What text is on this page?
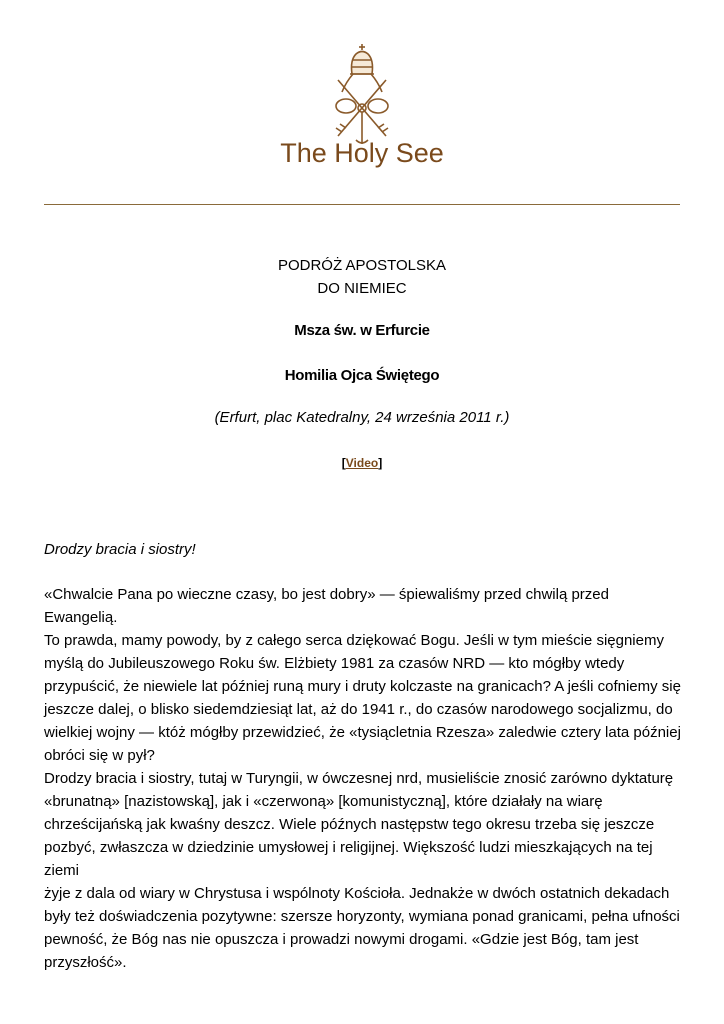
The Holy See
PODRÓŻ APOSTOLSKA
DO NIEMIEC
Msza św. w Erfurcie
Homilia Ojca Świętego
(Erfurt, plac Katedralny, 24 września 2011 r.)
[Video]
Drodzy bracia i siostry!
«Chwalcie Pana po wieczne czasy, bo jest dobry» — śpiewaliśmy przed chwilą przed Ewangelią.
To prawda, mamy powody, by z całego serca dziękować Bogu. Jeśli w tym mieście sięgniemy
myślą do Jubileuszowego Roku św. Elżbiety 1981 za czasów NRD — kto mógłby wtedy
przypuścić, że niewiele lat później runą mury i druty kolczaste na granicach? A jeśli cofniemy się
jeszcze dalej, o blisko siedemdziesiąt lat, aż do 1941 r., do czasów narodowego socjalizmu, do
wielkiej wojny — któż mógłby przewidzieć, że «tysiącletnia Rzesza» zaledwie cztery lata później
obróci się w pył?
Drodzy bracia i siostry, tutaj w Turyngii, w ówczesnej nrd, musieliście znosić zarówno dyktaturę
«brunatną» [nazistowską], jak i «czerwoną» [komunistyczną], które działały na wiarę
chrześcijańską jak kwaśny deszcz. Wiele późnych następstw tego okresu trzeba się jeszcze
pozbyć, zwłaszcza w dziedzinie umysłowej i religijnej. Większość ludzi mieszkających na tej ziemi
żyje z dala od wiary w Chrystusa i wspólnoty Kościoła. Jednakże w dwóch ostatnich dekadach
były też doświadczenia pozytywne: szersze horyzonty, wymiana ponad granicami, pełna ufności
pewność, że Bóg nas nie opuszcza i prowadzi nowymi drogami. «Gdzie jest Bóg, tam jest
przyszłość».
